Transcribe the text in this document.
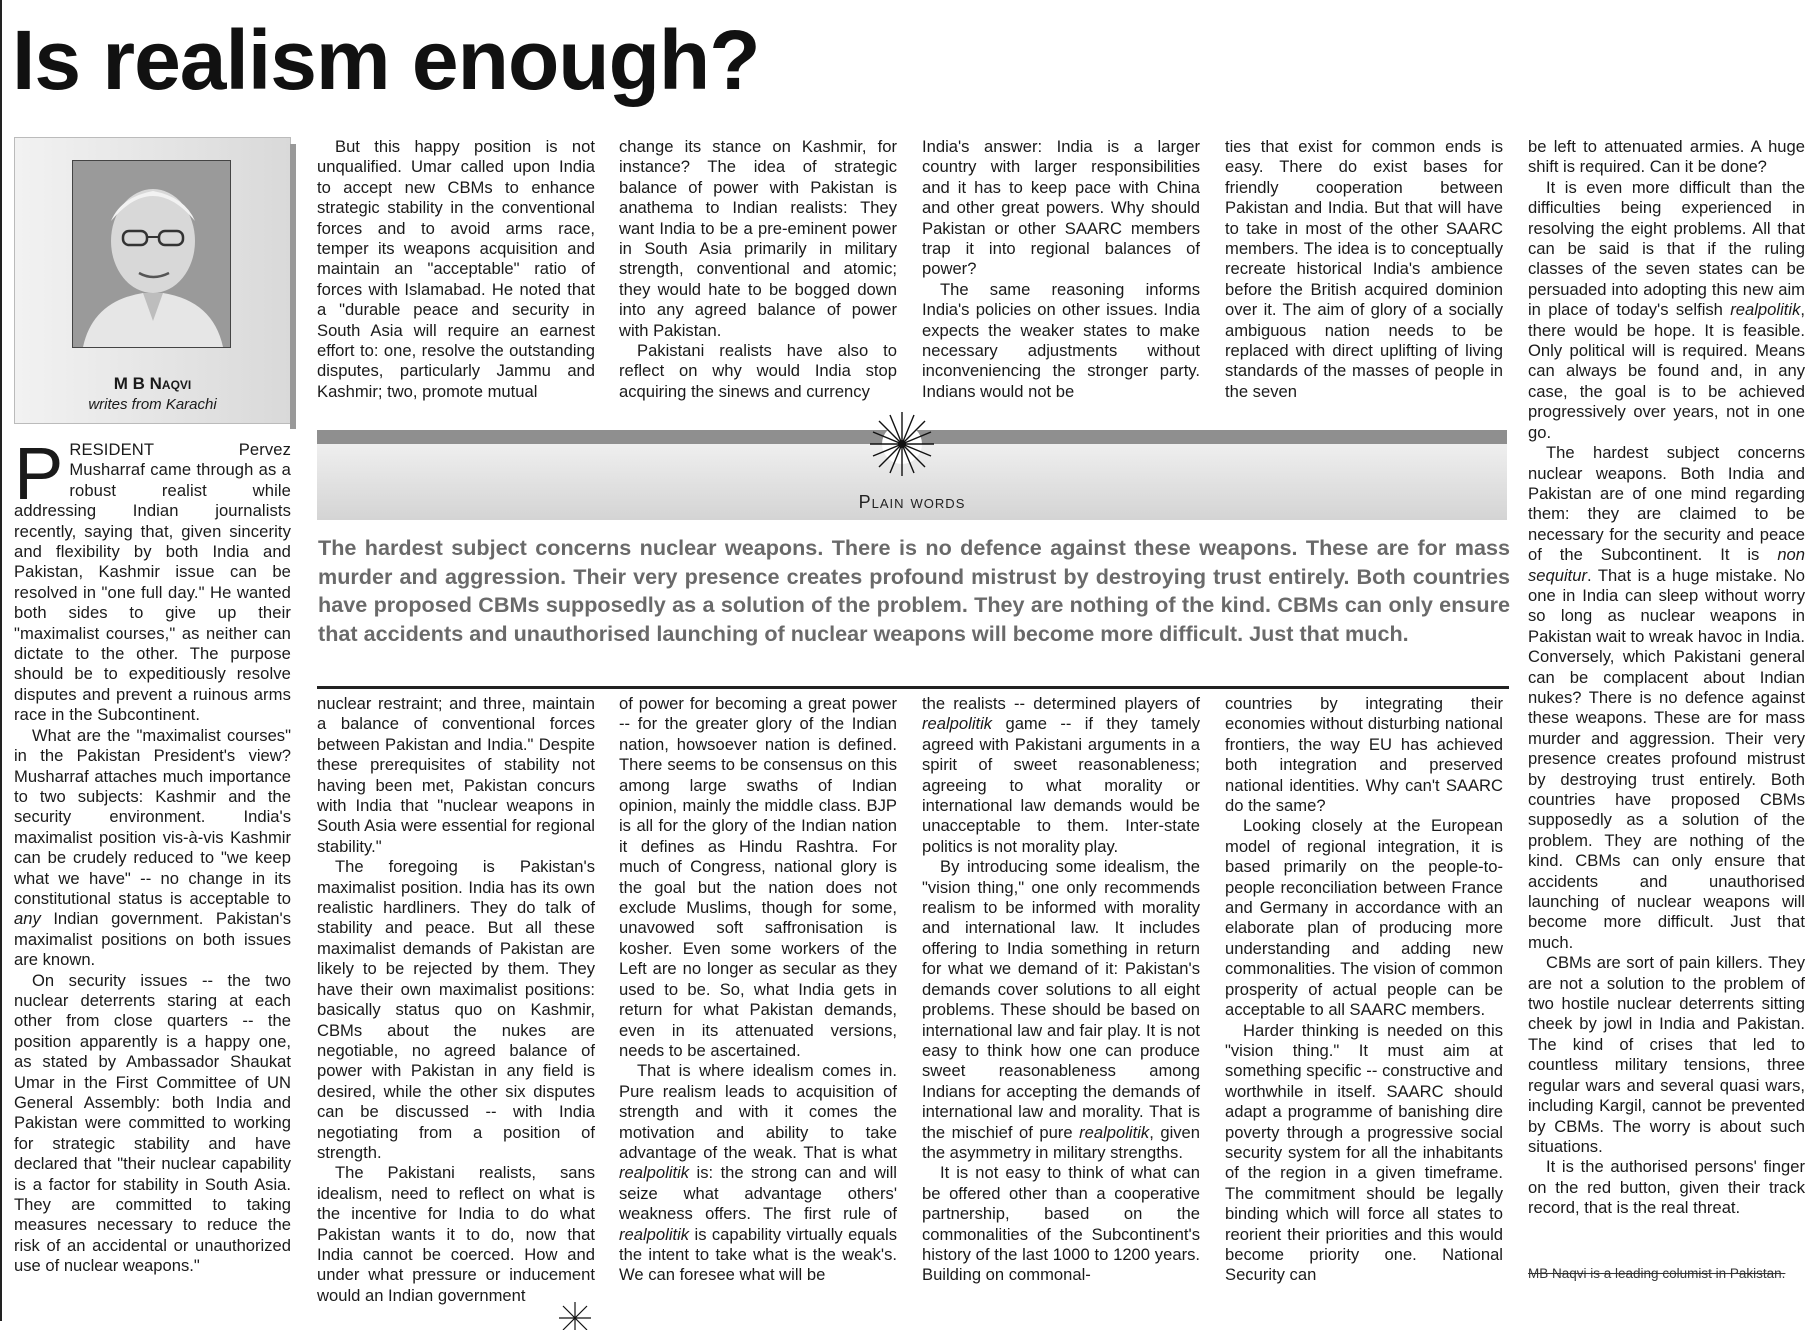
Is realism enough?
M B Naqvi
writes from Karachi

PRESIDENT Pervez Musharraf came through as a robust realist while addressing Indian journalists recently, saying that, given sincerity and flexibility by both India and Pakistan, Kashmir issue can be resolved in "one full day." He wanted both sides to give up their "maximalist courses," as neither can dictate to the other. The purpose should be to expeditiously resolve disputes and prevent a ruinous arms race in the Subcontinent.

What are the "maximalist courses" in the Pakistan President's view? Musharraf attaches much importance to two subjects: Kashmir and the security environment. India's maximalist position vis-à-vis Kashmir can be crudely reduced to "we keep what we have" -- no change in its constitutional status is acceptable to any Indian government. Pakistan's maximalist positions on both issues are known.

On security issues -- the two nuclear deterrents staring at each other from close quarters -- the position apparently is a happy one, as stated by Ambassador Shaukat Umar in the First Committee of UN General Assembly: both India and Pakistan were committed to working for strategic stability and have declared that "their nuclear capability is a factor for stability in South Asia. They are committed to taking measures necessary to reduce the risk of an accidental or unauthorized use of nuclear weapons."

But this happy position is not unqualified. Umar called upon India to accept new CBMs to enhance strategic stability in the conventional forces and to avoid arms race, temper its weapons acquisition and maintain an "acceptable" ratio of forces with Islamabad. He noted that a "durable peace and security in South Asia will require an earnest effort to: one, resolve the outstanding disputes, particularly Jammu and Kashmir; two, promote mutual

change its stance on Kashmir, for instance? The idea of strategic balance of power with Pakistan is anathema to Indian realists: They want India to be a pre-eminent power in South Asia primarily in military strength, conventional and atomic; they would hate to be bogged down into any agreed balance of power with Pakistan.

Pakistani realists have also to reflect on why would India stop acquiring the sinews and currency

India's answer: India is a larger country with larger responsibilities and it has to keep pace with China and other great powers. Why should Pakistan or other SAARC members trap it into regional balances of power?

The same reasoning informs India's policies on other issues. India expects the weaker states to make necessary adjustments without inconveniencing the stronger party. Indians would not be

ties that exist for common ends is easy. There do exist bases for friendly cooperation between Pakistan and India. But that will have to take in most of the other SAARC members. The idea is to conceptually recreate historical India's ambience before the British acquired dominion over it. The aim of glory of a socially ambiguous nation needs to be replaced with direct uplifting of living standards of the masses of people in the seven

be left to attenuated armies. A huge shift is required. Can it be done?

It is even more difficult than the difficulties being experienced in resolving the eight problems. All that can be said is that if the ruling classes of the seven states can be persuaded into adopting this new aim in place of today's selfish realpolitik, there would be hope. It is feasible. Only political will is required. Means can always be found and, in any case, the goal is to be achieved progressively over years, not in one go.

The hardest subject concerns nuclear weapons. Both India and Pakistan are of one mind regarding them: they are claimed to be necessary for the security and peace of the Subcontinent. It is non sequitur. That is a huge mistake. No one in India can sleep without worry so long as nuclear weapons in Pakistan wait to wreak havoc in India. Conversely, which Pakistani general can be complacent about Indian nukes? There is no defence against these weapons. These are for mass murder and aggression. Their very presence creates profound mistrust by destroying trust entirely. Both countries have proposed CBMs supposedly as a solution of the problem. They are nothing of the kind. CBMs can only ensure that accidents and unauthorised launching of nuclear weapons will become more difficult. Just that much.

CBMs are sort of pain killers. They are not a solution to the problem of two hostile nuclear deterrents sitting cheek by jowl in India and Pakistan. The kind of crises that led to countless military tensions, three regular wars and several quasi wars, including Kargil, cannot be prevented by CBMs. The worry is about such situations.

It is the authorised persons' finger on the red button, given their track record, that is the real threat.

Plain words
The hardest subject concerns nuclear weapons. There is no defence against these weapons. These are for mass murder and aggression. Their very presence creates profound mistrust by destroying trust entirely. Both countries have proposed CBMs supposedly as a solution of the problem. They are nothing of the kind. CBMs can only ensure that accidents and unauthorised launching of nuclear weapons will become more difficult. Just that much.

nuclear restraint; and three, maintain a balance of conventional forces between Pakistan and India." Despite these prerequisites of stability not having been met, Pakistan concurs with India that "nuclear weapons in South Asia were essential for regional stability."

The foregoing is Pakistan's maximalist position. India has its own realistic hardliners. They do talk of stability and peace. But all these maximalist demands of Pakistan are likely to be rejected by them. They have their own maximalist positions: basically status quo on Kashmir, CBMs about the nukes are negotiable, no agreed balance of power with Pakistan in any field is desired, while the other six disputes can be discussed -- with India negotiating from a position of strength.

The Pakistani realists, sans idealism, need to reflect on what is the incentive for India to do what Pakistan wants it to do, now that India cannot be coerced. How and under what pressure or inducement would an Indian government

of power for becoming a great power -- for the greater glory of the Indian nation, howsoever nation is defined. There seems to be consensus on this among large swaths of Indian opinion, mainly the middle class. BJP is all for the glory of the Indian nation it defines as Hindu Rashtra. For much of Congress, national glory is the goal but the nation does not exclude Muslims, though for some, unavowed soft saffronisation is kosher. Even some workers of the Left are no longer as secular as they used to be. So, what India gets in return for what Pakistan demands, even in its attenuated versions, needs to be ascertained.

That is where idealism comes in. Pure realism leads to acquisition of strength and with it comes the motivation and ability to take advantage of the weak. That is what realpolitik is: the strong can and will seize what advantage others' weakness offers. The first rule of realpolitik is capability virtually equals the intent to take what is the weak's. We can foresee what will be

the realists -- determined players of realpolitik game -- if they tamely agreed with Pakistani arguments in a spirit of sweet reasonableness; agreeing to what morality or international law demands would be unacceptable to them. Inter-state politics is not morality play.

By introducing some idealism, the "vision thing," one only recommends realism to be informed with morality and international law. It includes offering to India something in return for what we demand of it: Pakistan's demands cover solutions to all eight problems. These should be based on international law and fair play. It is not easy to think how one can produce sweet reasonableness among Indians for accepting the demands of international law and morality. That is the mischief of pure realpolitik, given the asymmetry in military strengths.

It is not easy to think of what can be offered other than a cooperative partnership, based on the commonalities of the Subcontinent's history of the last 1000 to 1200 years. Building on commonal-

countries by integrating their economies without disturbing national frontiers, the way EU has achieved both integration and preserved national identities. Why can't SAARC do the same?

Looking closely at the European model of regional integration, it is based primarily on the people-to-people reconciliation between France and Germany in accordance with an elaborate plan of producing more understanding and adding new commonalities. The vision of common prosperity of actual people can be acceptable to all SAARC members.

Harder thinking is needed on this "vision thing." It must aim at something specific -- constructive and worthwhile in itself. SAARC should adapt a programme of banishing dire poverty through a progressive social security system for all the inhabitants of the region in a given timeframe. The commitment should be legally binding which will force all states to reorient their priorities and this would become priority one. National Security can	MB Naqvi is a leading columist in Pakistan.
